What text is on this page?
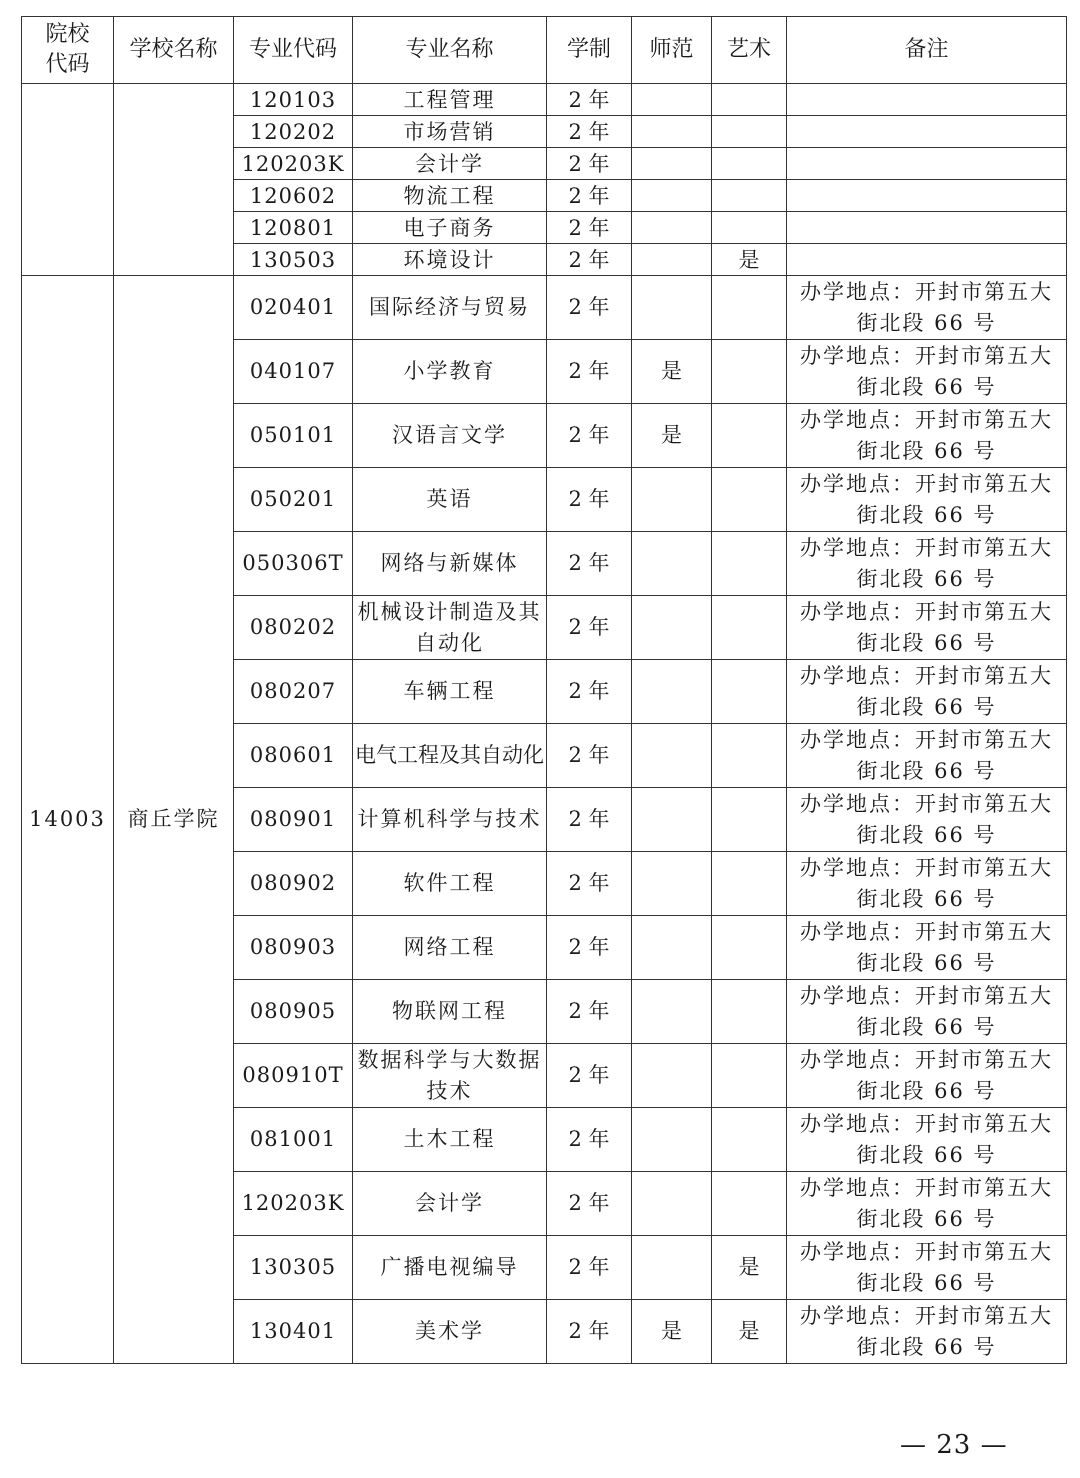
院校
代码	学校名称	专业代码	专业名称	学制	师范	艺术	备注
		120103	工程管理	2 年			
		120202	市场营销	2 年			
		120203K	会计学	2 年			
		120602	物流工程	2 年			
		120801	电子商务	2 年			
		130503	环境设计	2 年		是	
14003	商丘学院	020401	国际经济与贸易	2 年			办学地点：开封市第五大
街北段 66 号
		040107	小学教育	2 年	是		办学地点：开封市第五大
街北段 66 号
		050101	汉语言文学	2 年	是		办学地点：开封市第五大
街北段 66 号
		050201	英语	2 年			办学地点：开封市第五大
街北段 66 号
		050306T	网络与新媒体	2 年			办学地点：开封市第五大
街北段 66 号
		080202	机械设计制造及其自动化	2 年			办学地点：开封市第五大
街北段 66 号
		080207	车辆工程	2 年			办学地点：开封市第五大
街北段 66 号
		080601	电气工程及其自动化	2 年			办学地点：开封市第五大
街北段 66 号
		080901	计算机科学与技术	2 年			办学地点：开封市第五大
街北段 66 号
		080902	软件工程	2 年			办学地点：开封市第五大
街北段 66 号
		080903	网络工程	2 年			办学地点：开封市第五大
街北段 66 号
		080905	物联网工程	2 年			办学地点：开封市第五大
街北段 66 号
		080910T	数据科学与大数据技术	2 年			办学地点：开封市第五大
街北段 66 号
		081001	土木工程	2 年			办学地点：开封市第五大
街北段 66 号
		120203K	会计学	2 年			办学地点：开封市第五大
街北段 66 号
		130305	广播电视编导	2 年		是	办学地点：开封市第五大
街北段 66 号
		130401	美术学	2 年	是	是	办学地点：开封市第五大
街北段 66 号
— 23 —
